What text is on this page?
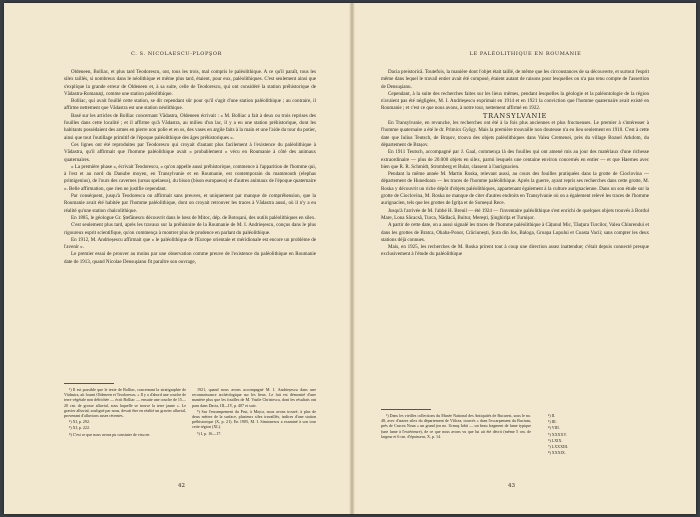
C. S. NICOLAESCU-PLOPŞOR

Oldeneen, Bolliac, et plus tard Teodorescu, ont, tous les trois, mal compris le paléolithique. A ce qu'il paraît, tous les silex taillés, si nombreux dans le néolithique et même plus tard, étaient, pour eux, paléolithiques. C'est seulement ainsi que s'explique la grande erreur de Oldeneen et, à sa suite, celle de Teodorescu, qui ont considéré la station préhistorique de Vădastra-Romanați, comme une station paléolithique.

Bolliac, qui avait fouillé cette station, se dit cependant sûr pour qu'il s'agit d'une station paléolithique ; au contraire, il affirme nettement que Vădastra est une station néolithique.

Basé sur les articles de Bolliac concernant Vădastra, Oldeneen écrivait : « M. Bolliac a fait à deux ou trois reprises des fouilles dans cette localité ; et il affirme qu'à Vădastra, au milieu d'un lac, il y a eu une station préhistorique, dont les habitants possédaient des armes en pierre non polie et en os, des vases en argile faits à la main et une l'aide du tour du potier, ainsi que tout l'outillage primitif de l'époque paléolithique des âges préhistoriques ».

Ces lignes ont été reproduites par Teodorescu qui croyait d'autant plus facilement à l'existence du paléolithique à Vădastra, qu'il affirmait que l'homme paléolithique avait « probablement » vécu en Roumanie à côté des animaux quaternaires.

« La première phase », écrivait Teodorescu, « qu'on appelle aussi préhistorique, commence à l'apparition de l'homme qui, à l'est et au nord du Danube moyen, en Transylvanie et en Roumanie, est contemporain du mammouth (elephas primigenius), de l'ours des cavernes (ursus spelaeus), du bison (bison europaeus) et d'autres animaux de l'époque quaternaire ». Belle affirmation, que rien ne justifie cependant.

Par conséquent, jusqu'à Teodorescu on affirmait sans preuves, et uniquement par manque de compréhension, que la Roumanie avait été habitée par l'homme paléolithique, dont on croyait retrouver les traces à Vădastra aussi, où il n'y a eu réalité qu'une station chalcolithique.

En 1885, le géologue Gr. Ştefănescu découvrit dans le lœss de Mitoc, dép. de Botoșani, des outils paléolithiques en silex.

C'est seulement plus tard, après les travaux sur la préhistoire de la Roumanie de M. I. Andrieșescu, conçus dans le plus rigoureux esprit scientifique, qu'on commença à montrer plus de prudence en parlant du paléolithique.

En 1912, M. Andrieșescu affirmait que « le paléolithique de l'Europe orientale et méridionale est encore un problème de l'avenir ».

Le premier essai de prouver au moins par une observation comme preuve de l'existence du paléolithique en Roumanie date de 1913, quand Nicolae Densuşianu fit paraître son ouvrage,

¹) Il est possible que le texte de Bolliac, concernant la stratigraphie de Vădastra, ait fourni Oldeneen et Teodorescu. « Il y a d'abord une couche de terre végétale non défrichée — écrit Bolliac — ensuite une couche de 15—20 cm. de grosse alluvial, sous laquelle se trouve la terre jaune ». Le gravier alluvial, souligné par nous, devait être en réalité un gravier alluvial, provenant d'alluvions assez récentes.

²) XI, p. 292.

³) XI, p. 222.

⁴) C'est ce que nous avons pu constater de visu en

1921, quand nous avons accompagné M. I. Andrieșescu dans une reconnaissance archéologique sur les lieux. Le fait est démontré d'une manière plus que les fouilles de M. Vasile Christescu, dont les résultats ont paru dans Dacia, III—IV, p. 407 et suiv.

⁵) Sur l'encampement du Prut, à Moțca, nous avons trouvé, à plus de deux mètres de la surface, plusieurs silex travaillés, indices d'une station préhistorique (X, p. 21). En 1905, M. I. Simionescu a examiné à son tour cette région (XL).

⁶) I, p. 16—17.

42
LE PALÉOLITHIQUE EN ROUMANIE

Dacia preistorică. Toutefois, la manière dont l'objet était taillé, de même que les circonstances de sa découverte, et surtout l'esprit même dans lequel le travail entier avait été composé, étaient autant de raisons pour lesquelles on n'a pas tenu compte de l'assertion de Densuşianu.

Cependant, à la suite des recherches faites sur les lieux mêmes, pendant lesquelles la géologie et la paléontologie de la région n'avaient pas été négligées, M. I. Andrieșescu exprimait en 1914 et en 1921 la conviction que l'homme quaternaire avait existé en Roumanie ; et c'est ce que nous avons, à notre tour, nettement affirmé en 1922.

TRANSYLVANIE

En Transylvanie, en revanche, les recherches ont été à la fois plus anciennes et plus fructueuses. Le premier à s'intéresser à l'homme quaternaire a été le dr. Primics Gyögy. Mais la première trouvaille non douteuse n'a eu lieu seulement en 1910. C'est à cette date que Iulius Teutsch, de Brașov, trouva des objets paléolithiques dans Valea Cremenei, près du village Bozsel Arkdom, du département de Brașov.

En 1911 Teutsch, accompagné par J. Gaal, commença là des fouilles qui ont amené mis au jour des matériaux d'une richesse extraordinaire — plus de 20.000 objets en silex, parmi lesquels une centaine environ concernés en entier — et que Haernes avec bien que R. R. Schmidt, Stromberg et Bulat, classent à l'aurignacien.

Pendant la même année M. Martin Roska, relevant aussi, au cours des fouilles pratiquées dans la grotte de Cioclovina — département de Hunedoara — les traces de l'homme paléolithique. Après la guerre, ayant repris ses recherches dans cette grotte, M. Roska y découvrit un riche dépôt d'objets paléolithiques, appartenant également à la culture aurignacienne. Dans un son étude sur la grotte de Cioclovina, M. Roska ne manque de citer d'autres endroits en Transylvanie où on a également relevé les traces de l'homme aurignacien, tels que les grottes de Igrița et de Someșul Rece.

Jusqu'à l'arrivée de M. l'abbé H. Breuil — été 1924 — l'inventaire paléolithique s'est enrichi de quelques objets trouvés à Bordul Mare, Lona Sâcacsâ, Turca, Nădlacă, Buitur, Mereşti, Şinghiriţa et Turnişor.

A partir de cette date, on a aussi signalé les traces de l'homme paléolithique à Cățunul Mic, Tăuţura Turcilor, Valea Chinrendui et dans les grottes de Bratca, Ohaba-Ponor, Crăciunești, Șura din Jos, Baloga, Groapa Lupului et Coasta Vacii; sans compter les deux stations déjà connues.

Mais, en 1925, les recherches de M. Roska prirent tout à coup une direction assez inattendue; c'était depuis connecté presque exclusivement à l'étude du paléolithique

¹) Dans les vieilles collections du Musée National des Antiquités de Bucarest, sous le no. 48, avec d'autres silex du département de Vâlcea, trouvés « dans l'escarpement du Bucium, près de Crucea Noua » un grand jeu no. Urmaş Iabii — un beau fragment de lame typique (une lame à l'extérieure), de ce que nous avons vu que lui ait été décrit (même 5 cm. de largeur et 6 cm. d'épaisseur, X, p. 14.

²) II.

³) III.

⁴) VIII.

⁵) XXXXV.

⁶) LXIX.

⁷) LXXXIII.

⁸) XXXIX.

43
